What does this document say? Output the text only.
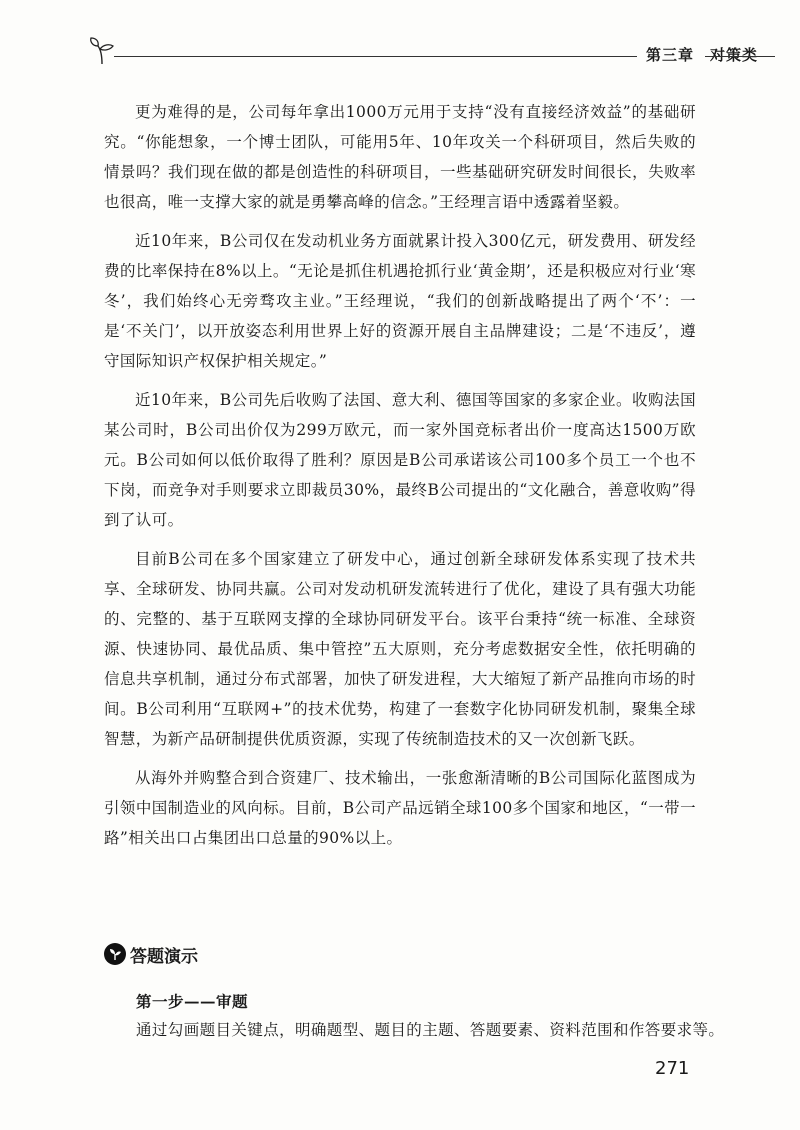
第三章　对策类

更为难得的是，公司每年拿出1000万元用于支持“没有直接经济效益”的基础研究。“你能想象，一个博士团队，可能用5年、10年攻关一个科研项目，然后失败的情景吗？我们现在做的都是创造性的科研项目，一些基础研究研发时间很长，失败率也很高，唯一支撑大家的就是勇攀高峰的信念。”王经理言语中透露着坚毅。

近10年来，B公司仅在发动机业务方面就累计投入300亿元，研发费用、研发经费的比率保持在8%以上。“无论是抓住机遇抢抓行业‘黄金期’，还是积极应对行业‘寒冬’，我们始终心无旁骛攻主业。”王经理说，“我们的创新战略提出了两个‘不’：一是‘不关门’，以开放姿态利用世界上好的资源开展自主品牌建设；二是‘不违反’，遵守国际知识产权保护相关规定。”

近10年来，B公司先后收购了法国、意大利、德国等国家的多家企业。收购法国某公司时，B公司出价仅为299万欧元，而一家外国竞标者出价一度高达1500万欧元。B公司如何以低价取得了胜利？原因是B公司承诺该公司100多个员工一个也不下岗，而竞争对手则要求立即裁员30%，最终B公司提出的“文化融合，善意收购”得到了认可。

目前B公司在多个国家建立了研发中心，通过创新全球研发体系实现了技术共享、全球研发、协同共赢。公司对发动机研发流转进行了优化，建设了具有强大功能的、完整的、基于互联网支撑的全球协同研发平台。该平台秉持“统一标准、全球资源、快速协同、最优品质、集中管控”五大原则，充分考虑数据安全性，依托明确的信息共享机制，通过分布式部署，加快了研发进程，大大缩短了新产品推向市场的时间。B公司利用“互联网+”的技术优势，构建了一套数字化协同研发机制，聚集全球智慧，为新产品研制提供优质资源，实现了传统制造技术的又一次创新飞跃。

从海外并购整合到合资建厂、技术输出，一张愈渐清晰的B公司国际化蓝图成为引领中国制造业的风向标。目前，B公司产品远销全球100多个国家和地区，“一带一路”相关出口占集团出口总量的90%以上。

答题演示
第一步——审题
通过勾画题目关键点，明确题型、题目的主题、答题要素、资料范围和作答要求等。
271
